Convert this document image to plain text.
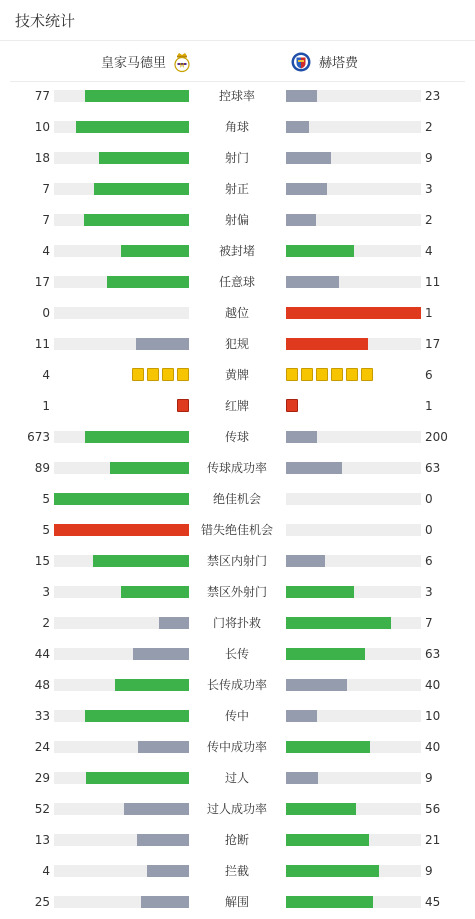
技术统计
皇家马德里 M	赫塔费
77	控球率	23
10	角球	2
18	射门	9
7	射正	3
7	射偏	2
4	被封堵	4
17	任意球	11
0	越位	1
11	犯规	17
4	黄牌	6
1	红牌	1
673	传球	200
89	传球成功率	63
5	绝佳机会	0
5	错失绝佳机会	0
15	禁区内射门	6
3	禁区外射门	3
2	门将扑救	7
44	长传	63
48	长传成功率	40
33	传中	10
24	传中成功率	40
29	过人	9
52	过人成功率	56
13	抢断	21
4	拦截	9
25	解围	45
